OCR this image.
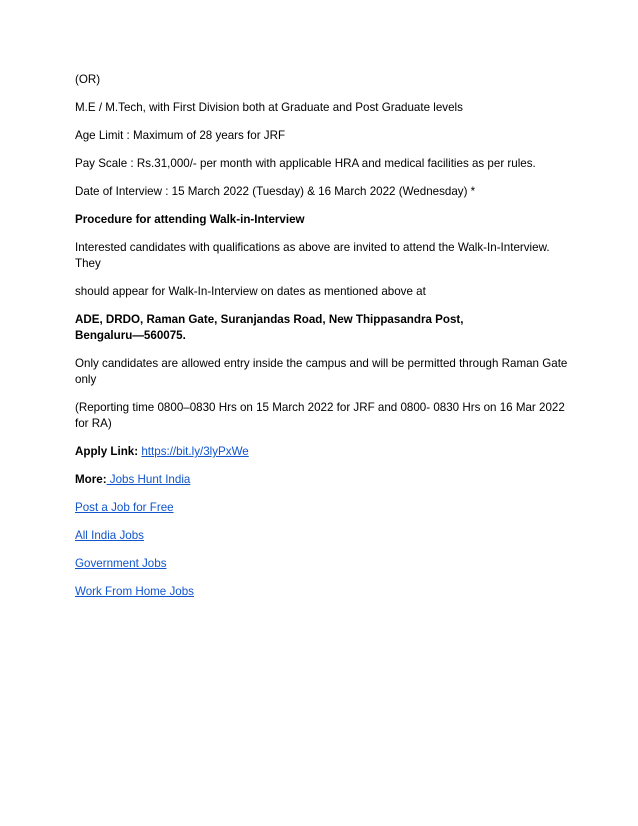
(OR)

M.E / M.Tech, with First Division both at Graduate and Post Graduate levels

Age Limit : Maximum of 28 years for JRF

Pay Scale : Rs.31,000/- per month with applicable HRA and medical facilities as per rules.

Date of Interview : 15 March 2022 (Tuesday) & 16 March 2022 (Wednesday) *

Procedure for attending Walk-in-Interview

Interested candidates with qualifications as above are invited to attend the Walk-In-Interview.
They

should appear for Walk-In-Interview on dates as mentioned above at

ADE, DRDO, Raman Gate, Suranjandas Road, New Thippasandra Post,
Bengaluru—560075.

Only candidates are allowed entry inside the campus and will be permitted through Raman Gate
only

(Reporting time 0800–0830 Hrs on 15 March 2022 for JRF and 0800- 0830 Hrs on 16 Mar 2022
for RA)

Apply Link: https://bit.ly/3lyPxWe

More: Jobs Hunt India

Post a Job for Free

All India Jobs

Government Jobs

Work From Home Jobs
